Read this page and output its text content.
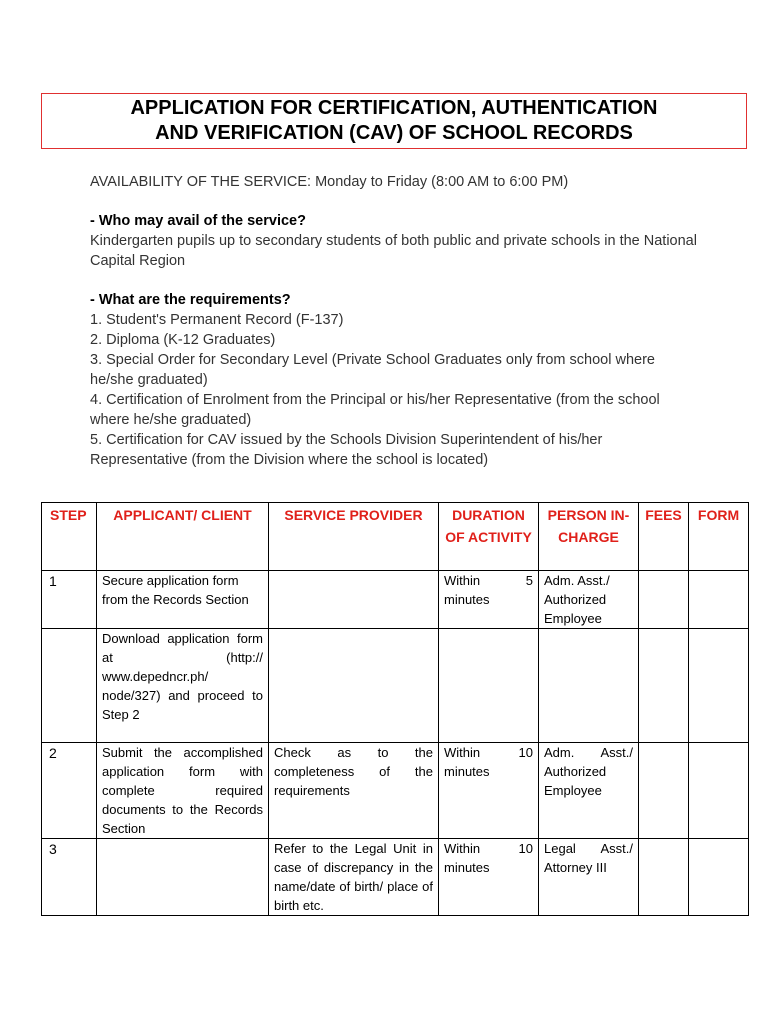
APPLICATION FOR CERTIFICATION, AUTHENTICATION
AND VERIFICATION (CAV) OF SCHOOL RECORDS

AVAILABILITY OF THE SERVICE: Monday to Friday (8:00 AM to 6:00 PM)

- Who may avail of the service?

Kindergarten pupils up to secondary students of both public and private schools in the National Capital Region

- What are the requirements?

1. Student's Permanent Record (F-137)

2. Diploma (K-12 Graduates)

3. Special Order for Secondary Level (Private School Graduates only from school where he/she graduated)

4. Certification of Enrolment from the Principal or his/her Representative (from the school where he/she graduated)

5. Certification for CAV issued by the Schools Division Superintendent of his/her Representative (from the Division where the school is located)

STEP	APPLICANT/ CLIENT	SERVICE PROVIDER	DURATION OF ACTIVITY	PERSON IN-CHARGE	FEES	FORM
1	Secure application form from the Records Section		Within 5 minutes	Adm. Asst./ Authorized Employee		
	Download application form at (http:// www.depedncr.ph/ node/327) and proceed to Step 2					
2	Submit the accomplished application form with complete required documents to the Records Section	Check as to the completeness of the requirements	Within 10 minutes	Adm. Asst./ Authorized Employee		
3		Refer to the Legal Unit in case of discrepancy in the name/date of birth/ place of birth etc.	Within 10 minutes	Legal Asst./ Attorney III		
